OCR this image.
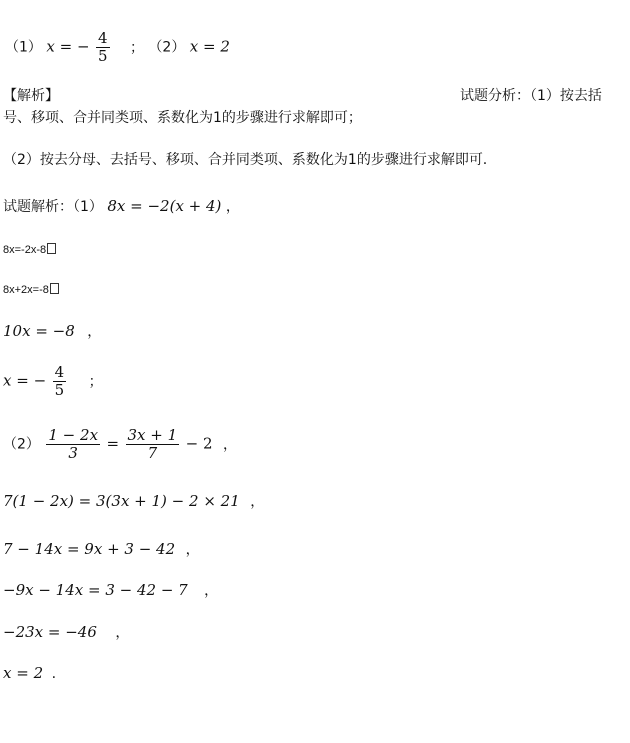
（1） x = − $\frac{4}{5}$ ； （2） x = 2
【解析】	试题分析：（1）按去括
号、移项、合并同类项、系数化为1的步骤进行求解即可；
（2）按去分母、去括号、移项、合并同类项、系数化为1的步骤进行求解即可.
试题解析：（1） 8x = −2(x + 4) ，
8x=-2x-8
8x+2x=-8
10x = −8 ，
x = − $\frac{4}{5}$ ；
$(2) \frac{1 - 2x}{3} = \frac{3x + 1}{7} - 2$ ，
7(1 − 2x) = 3(3x + 1) − 2 × 21 ，
7 − 14x = 9x + 3 − 42 ，
−9x − 14x = 3 − 42 − 7 ，
−23x = −46 ，
x = 2 .
